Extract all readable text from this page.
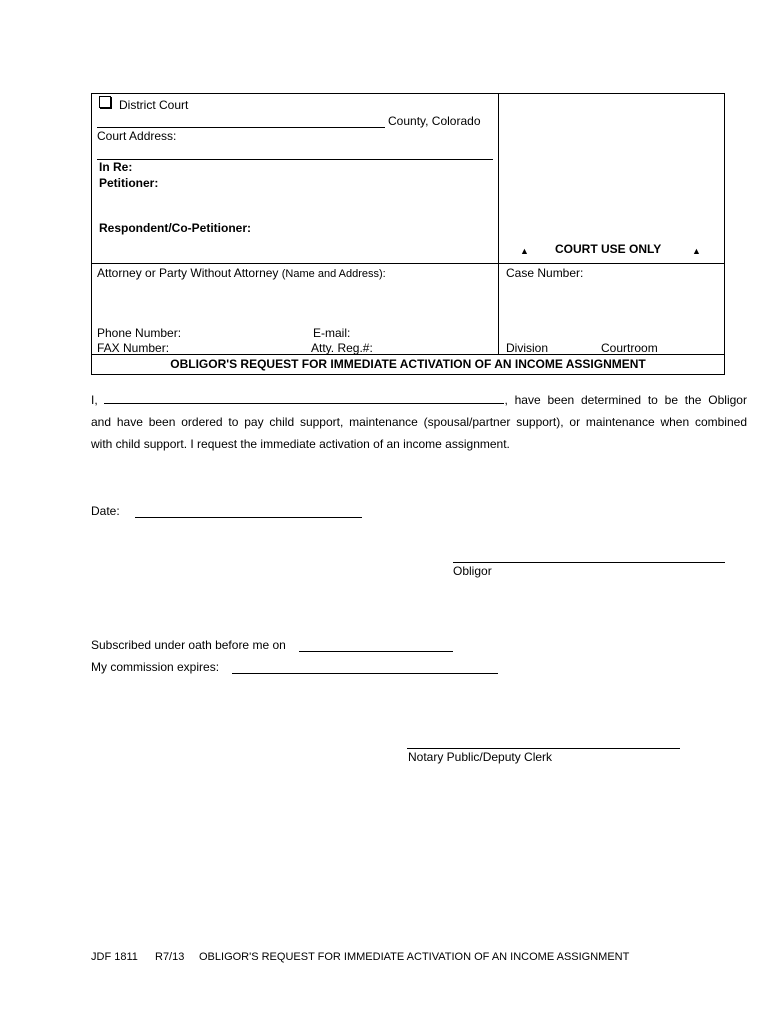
District Court
County, Colorado
Court Address:
In Re:
Petitioner:
Respondent/Co-Petitioner:
▲ COURT USE ONLY	▲
Attorney or Party Without Attorney (Name and Address):
Phone Number:	E-mail:
FAX Number:	Atty. Reg.#:
Case Number:
Division	Courtroom
OBLIGOR'S REQUEST FOR IMMEDIATE ACTIVATION OF AN INCOME ASSIGNMENT
I,	, have been determined to be the Obligor
and have been ordered to pay child support, maintenance (spousal/partner support), or maintenance when combined
with child support. I request the immediate activation of an income assignment.
Date:
Obligor
Subscribed under oath before me on
My commission expires:
Notary Public/Deputy Clerk
JDF 1811 R7/13 OBLIGOR'S REQUEST FOR IMMEDIATE ACTIVATION OF AN INCOME ASSIGNMENT
